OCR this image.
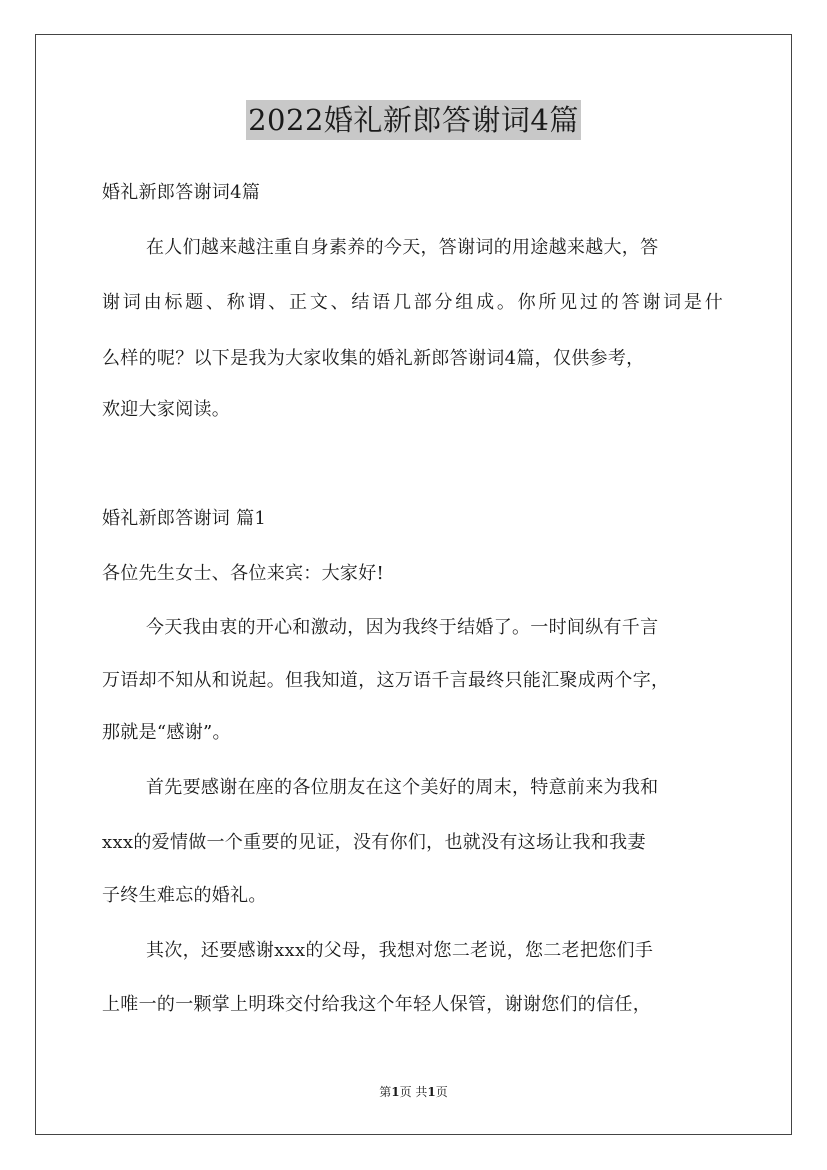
2022婚礼新郎答谢词4篇
婚礼新郎答谢词4篇
在人们越来越注重自身素养的今天，答谢词的用途越来越大，答
谢词由标题、称谓、正文、结语几部分组成。你所见过的答谢词是什
么样的呢？以下是我为大家收集的婚礼新郎答谢词4篇，仅供参考，
欢迎大家阅读。
婚礼新郎答谢词 篇1
各位先生女士、各位来宾：大家好!
今天我由衷的开心和激动，因为我终于结婚了。一时间纵有千言
万语却不知从和说起。但我知道，这万语千言最终只能汇聚成两个字，
那就是“感谢”。
首先要感谢在座的各位朋友在这个美好的周末，特意前来为我和
xxx的爱情做一个重要的见证，没有你们，也就没有这场让我和我妻
子终生难忘的婚礼。
其次，还要感谢xxx的父母，我想对您二老说，您二老把您们手
上唯一的一颗掌上明珠交付给我这个年轻人保管，谢谢您们的信任，
第1页 共1页
